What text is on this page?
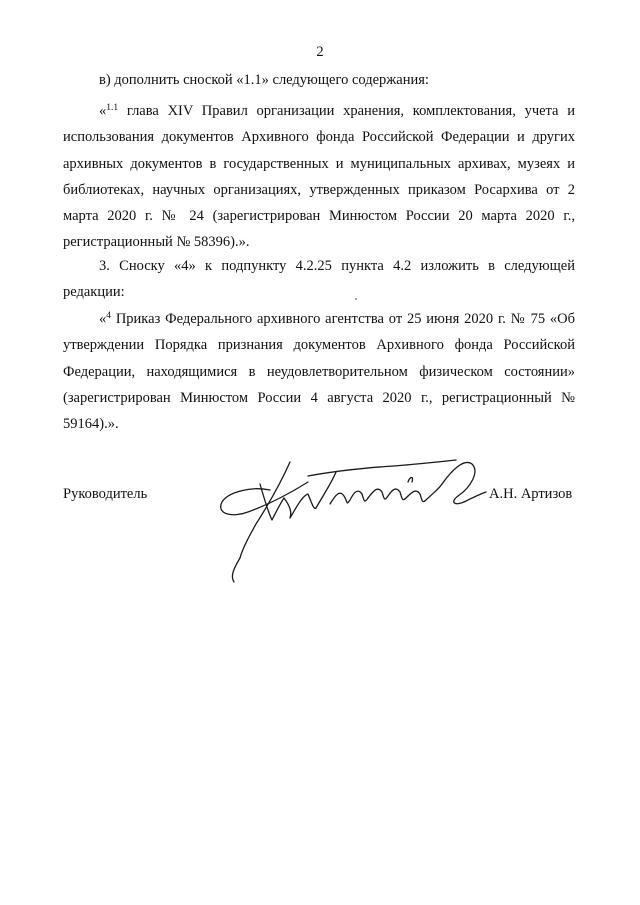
2
в) дополнить сноской «1.1» следующего содержания:
«$^{1.1}$ глава XIV Правил организации хранения, комплектования, учета и использования документов Архивного фонда Российской Федерации и других архивных документов в государственных и муниципальных архивах, музеях и библиотеках, научных организациях, утвержденных приказом Росархива от 2 марта 2020 г. № 24 (зарегистрирован Минюстом России 20 марта 2020 г., регистрационный № 58396).».
3. Сноску «4» к подпункту 4.2.25 пункта 4.2 изложить в следующей редакции:
«$^4$ Приказ Федерального архивного агентства от 25 июня 2020 г. № 75 «Об утверждении Порядка признания документов Архивного фонда Российской Федерации, находящимися в неудовлетворительном физическом состоянии» (зарегистрирован Минюстом России 4 августа 2020 г., регистрационный № 59164).».
Руководитель	А.Н. Артизов
